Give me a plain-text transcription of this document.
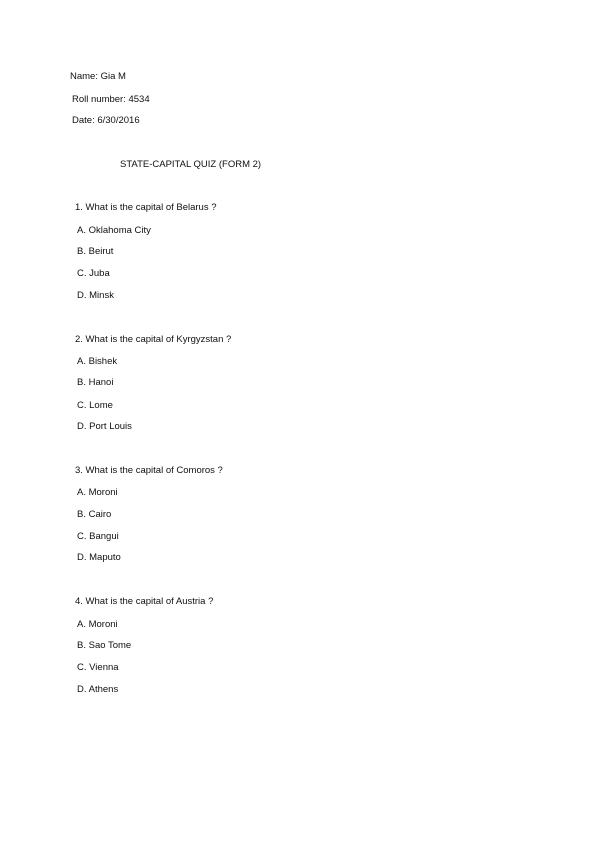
Name: Gia M
Roll number: 4534
Date: 6/30/2016
STATE-CAPITAL QUIZ (FORM 2)
1. What is the capital of Belarus ?
A. Oklahoma City
B. Beirut
C. Juba
D. Minsk
2. What is the capital of Kyrgyzstan ?
A. Bishek
B. Hanoi
C. Lome
D. Port Louis
3. What is the capital of Comoros ?
A. Moroni
B. Cairo
C. Bangui
D. Maputo
4. What is the capital of Austria ?
A. Moroni
B. Sao Tome
C. Vienna
D. Athens
